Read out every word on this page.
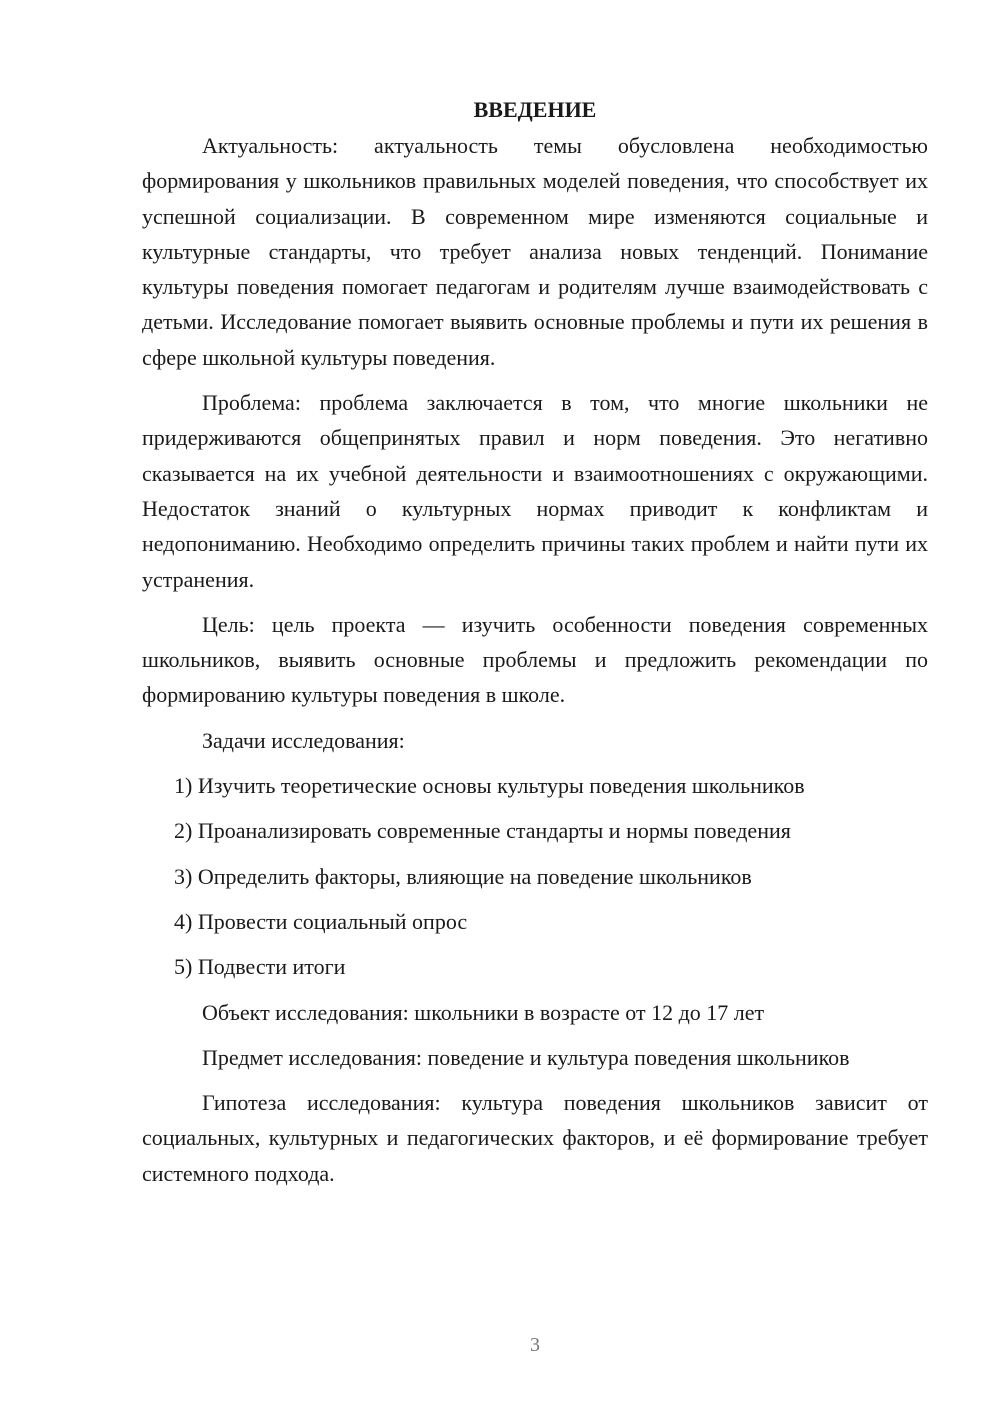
ВВЕДЕНИЕ

Актуальность: актуальность темы обусловлена необходимостью формирования у школьников правильных моделей поведения, что способствует их успешной социализации. В современном мире изменяются социальные и культурные стандарты, что требует анализа новых тенденций. Понимание культуры поведения помогает педагогам и родителям лучше взаимодействовать с детьми. Исследование помогает выявить основные проблемы и пути их решения в сфере школьной культуры поведения.

Проблема: проблема заключается в том, что многие школьники не придерживаются общепринятых правил и норм поведения. Это негативно сказывается на их учебной деятельности и взаимоотношениях с окружающими. Недостаток знаний о культурных нормах приводит к конфликтам и недопониманию. Необходимо определить причины таких проблем и найти пути их устранения.

Цель: цель проекта — изучить особенности поведения современных школьников, выявить основные проблемы и предложить рекомендации по формированию культуры поведения в школе.

Задачи исследования:

1) Изучить теоретические основы культуры поведения школьников
2) Проанализировать современные стандарты и нормы поведения
3) Определить факторы, влияющие на поведение школьников
4) Провести социальный опрос
5) Подвести итоги

Объект исследования: школьники в возрасте от 12 до 17 лет

Предмет исследования: поведение и культура поведения школьников

Гипотеза исследования: культура поведения школьников зависит от социальных, культурных и педагогических факторов, и её формирование требует системного подхода.

3
